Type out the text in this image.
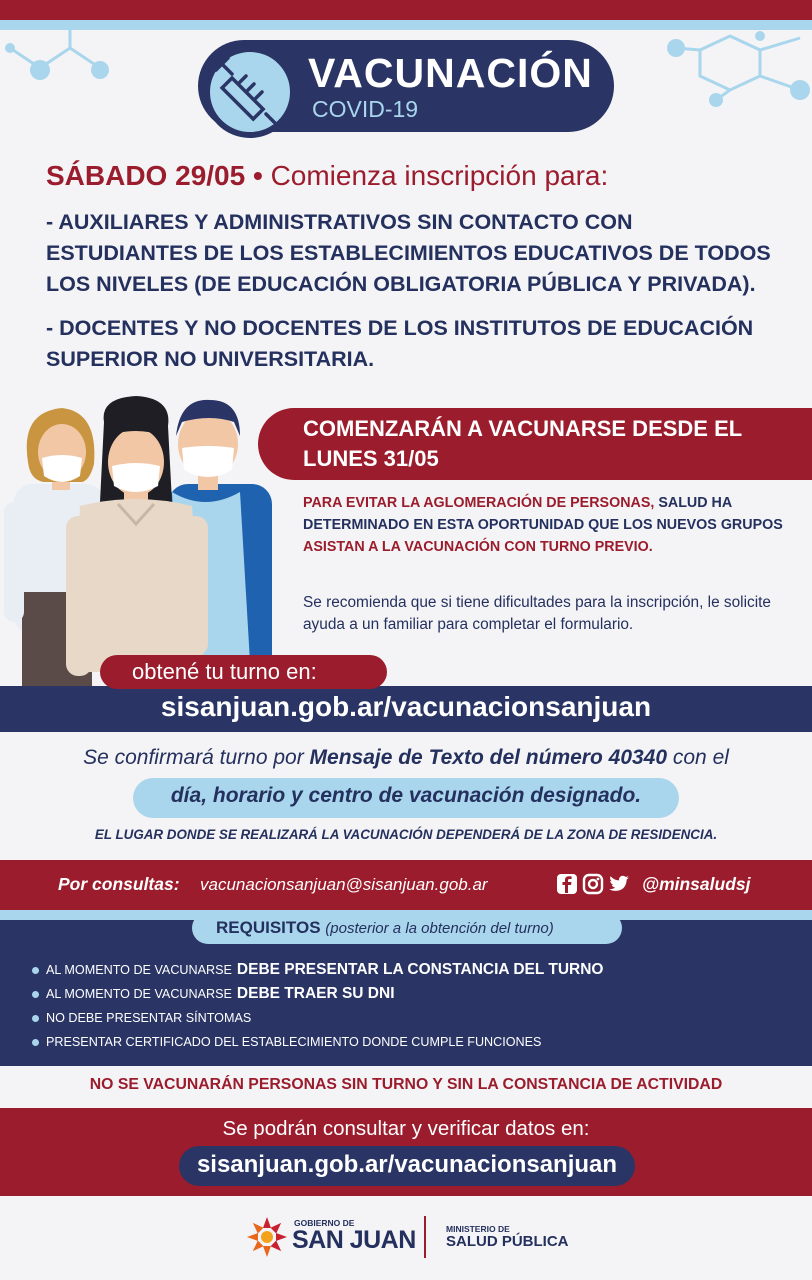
VACUNACIÓN
COVID-19
SÁBADO 29/05 • Comienza inscripción para:
- AUXILIARES Y ADMINISTRATIVOS SIN CONTACTO CON ESTUDIANTES DE LOS ESTABLECIMIENTOS EDUCATIVOS DE TODOS LOS NIVELES (DE EDUCACIÓN OBLIGATORIA PÚBLICA Y PRIVADA).
- DOCENTES Y NO DOCENTES DE LOS INSTITUTOS DE EDUCACIÓN SUPERIOR NO UNIVERSITARIA.
COMENZARÁN A VACUNARSE DESDE EL LUNES 31/05
PARA EVITAR LA AGLOMERACIÓN DE PERSONAS, SALUD HA DETERMINADO EN ESTA OPORTUNIDAD QUE LOS NUEVOS GRUPOS ASISTAN A LA VACUNACIÓN CON TURNO PREVIO.
Se recomienda que si tiene dificultades para la inscripción, le solicite ayuda a un familiar para completar el formulario.
obtené tu turno en:
sisanjuan.gob.ar/vacunacionsanjuan
Se confirmará turno por Mensaje de Texto del número 40340 con el
día, horario y centro de vacunación designado.
EL LUGAR DONDE SE REALIZARÁ LA VACUNACIÓN DEPENDERÁ DE LA ZONA DE RESIDENCIA.
Por consultas: vacunacionsanjuan@sisanjuan.gob.ar	@minsaludsj
REQUISITOS (posterior a la obtención del turno)
AL MOMENTO DE VACUNARSE DEBE PRESENTAR LA CONSTANCIA DEL TURNO
AL MOMENTO DE VACUNARSE DEBE TRAER SU DNI
NO DEBE PRESENTAR SÍNTOMAS
PRESENTAR CERTIFICADO DEL ESTABLECIMIENTO DONDE CUMPLE FUNCIONES
NO SE VACUNARÁN PERSONAS SIN TURNO Y SIN LA CONSTANCIA DE ACTIVIDAD
Se podrán consultar y verificar datos en:
sisanjuan.gob.ar/vacunacionsanjuan
GOBIERNO DE
SAN JUAN	MINISTERIO DE
SALUD PÚBLICA
